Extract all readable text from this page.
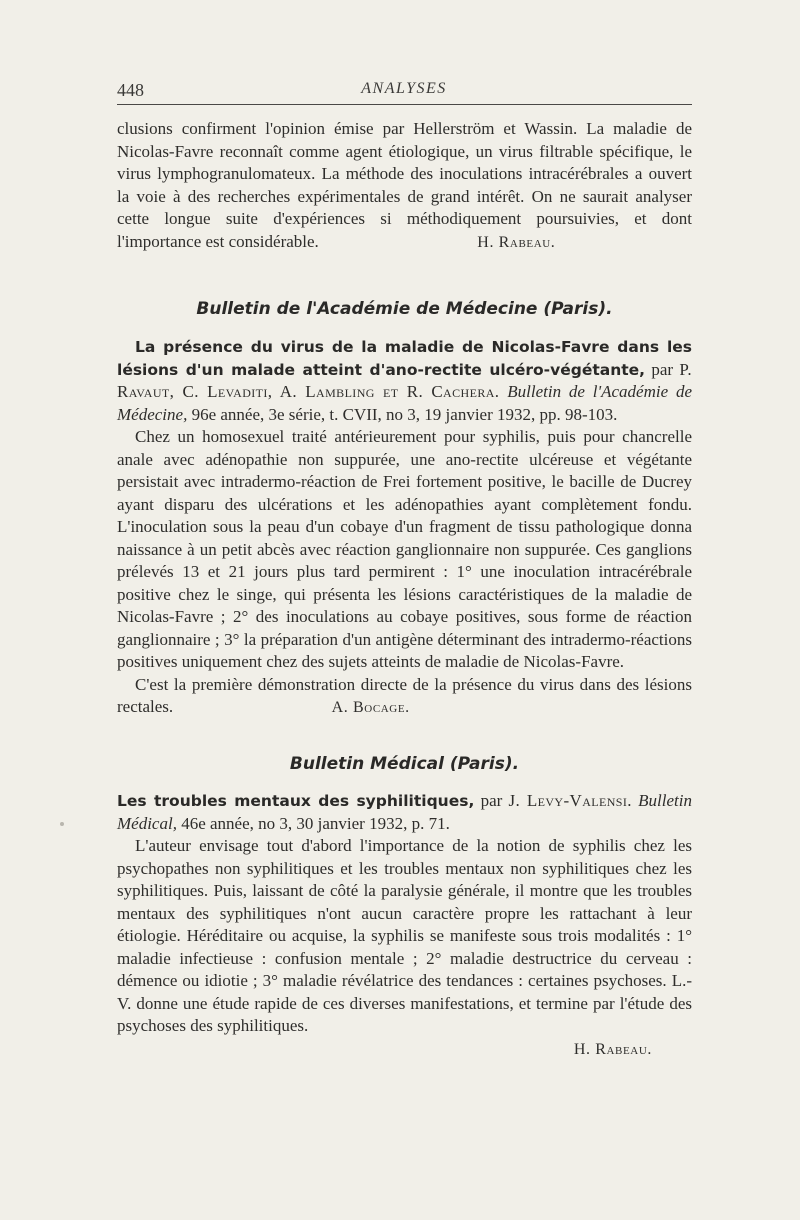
448	ANALYSES

clusions confirment l'opinion émise par Hellerström et Wassin. La maladie de Nicolas-Favre reconnaît comme agent étiologique, un virus filtrable spécifique, le virus lymphogranulomateux. La méthode des inoculations intracérébrales a ouvert la voie à des recherches expérimentales de grand intérêt. On ne saurait analyser cette longue suite d'expériences si méthodiquement poursuivies, et dont l'importance est considérable.	H. Rabeau.

Bulletin de l'Académie de Médecine (Paris).

La présence du virus de la maladie de Nicolas-Favre dans les lésions d'un malade atteint d'ano-rectite ulcéro-végétante, par P. Ravaut, C. Levaditi, A. Lambling et R. Cachera. Bulletin de l'Académie de Médecine, 96e année, 3e série, t. CVII, no 3, 19 janvier 1932, pp. 98-103.

Chez un homosexuel traité antérieurement pour syphilis, puis pour chancrelle anale avec adénopathie non suppurée, une ano-rectite ulcéreuse et végétante persistait avec intradermo-réaction de Frei fortement positive, le bacille de Ducrey ayant disparu des ulcérations et les adénopathies ayant complètement fondu. L'inoculation sous la peau d'un cobaye d'un fragment de tissu pathologique donna naissance à un petit abcès avec réaction ganglionnaire non suppurée. Ces ganglions prélevés 13 et 21 jours plus tard permirent : 1° une inoculation intracérébrale positive chez le singe, qui présenta les lésions caractéristiques de la maladie de Nicolas-Favre ; 2° des inoculations au cobaye positives, sous forme de réaction ganglionnaire ; 3° la préparation d'un antigène déterminant des intradermo-réactions positives uniquement chez des sujets atteints de maladie de Nicolas-Favre.

C'est la première démonstration directe de la présence du virus dans des lésions rectales.	A. Bocage.

Bulletin Médical (Paris).

Les troubles mentaux des syphilitiques, par J. Levy-Valensi. Bulletin Médical, 46e année, no 3, 30 janvier 1932, p. 71.

L'auteur envisage tout d'abord l'importance de la notion de syphilis chez les psychopathes non syphilitiques et les troubles mentaux non syphilitiques chez les syphilitiques. Puis, laissant de côté la paralysie générale, il montre que les troubles mentaux des syphilitiques n'ont aucun caractère propre les rattachant à leur étiologie. Héréditaire ou acquise, la syphilis se manifeste sous trois modalités : 1° maladie infectieuse : confusion mentale ; 2° maladie destructrice du cerveau : démence ou idiotie ; 3° maladie révélatrice des tendances : certaines psychoses. L.-V. donne une étude rapide de ces diverses manifestations, et termine par l'étude des psychoses des syphilitiques.

H. Rabeau.
